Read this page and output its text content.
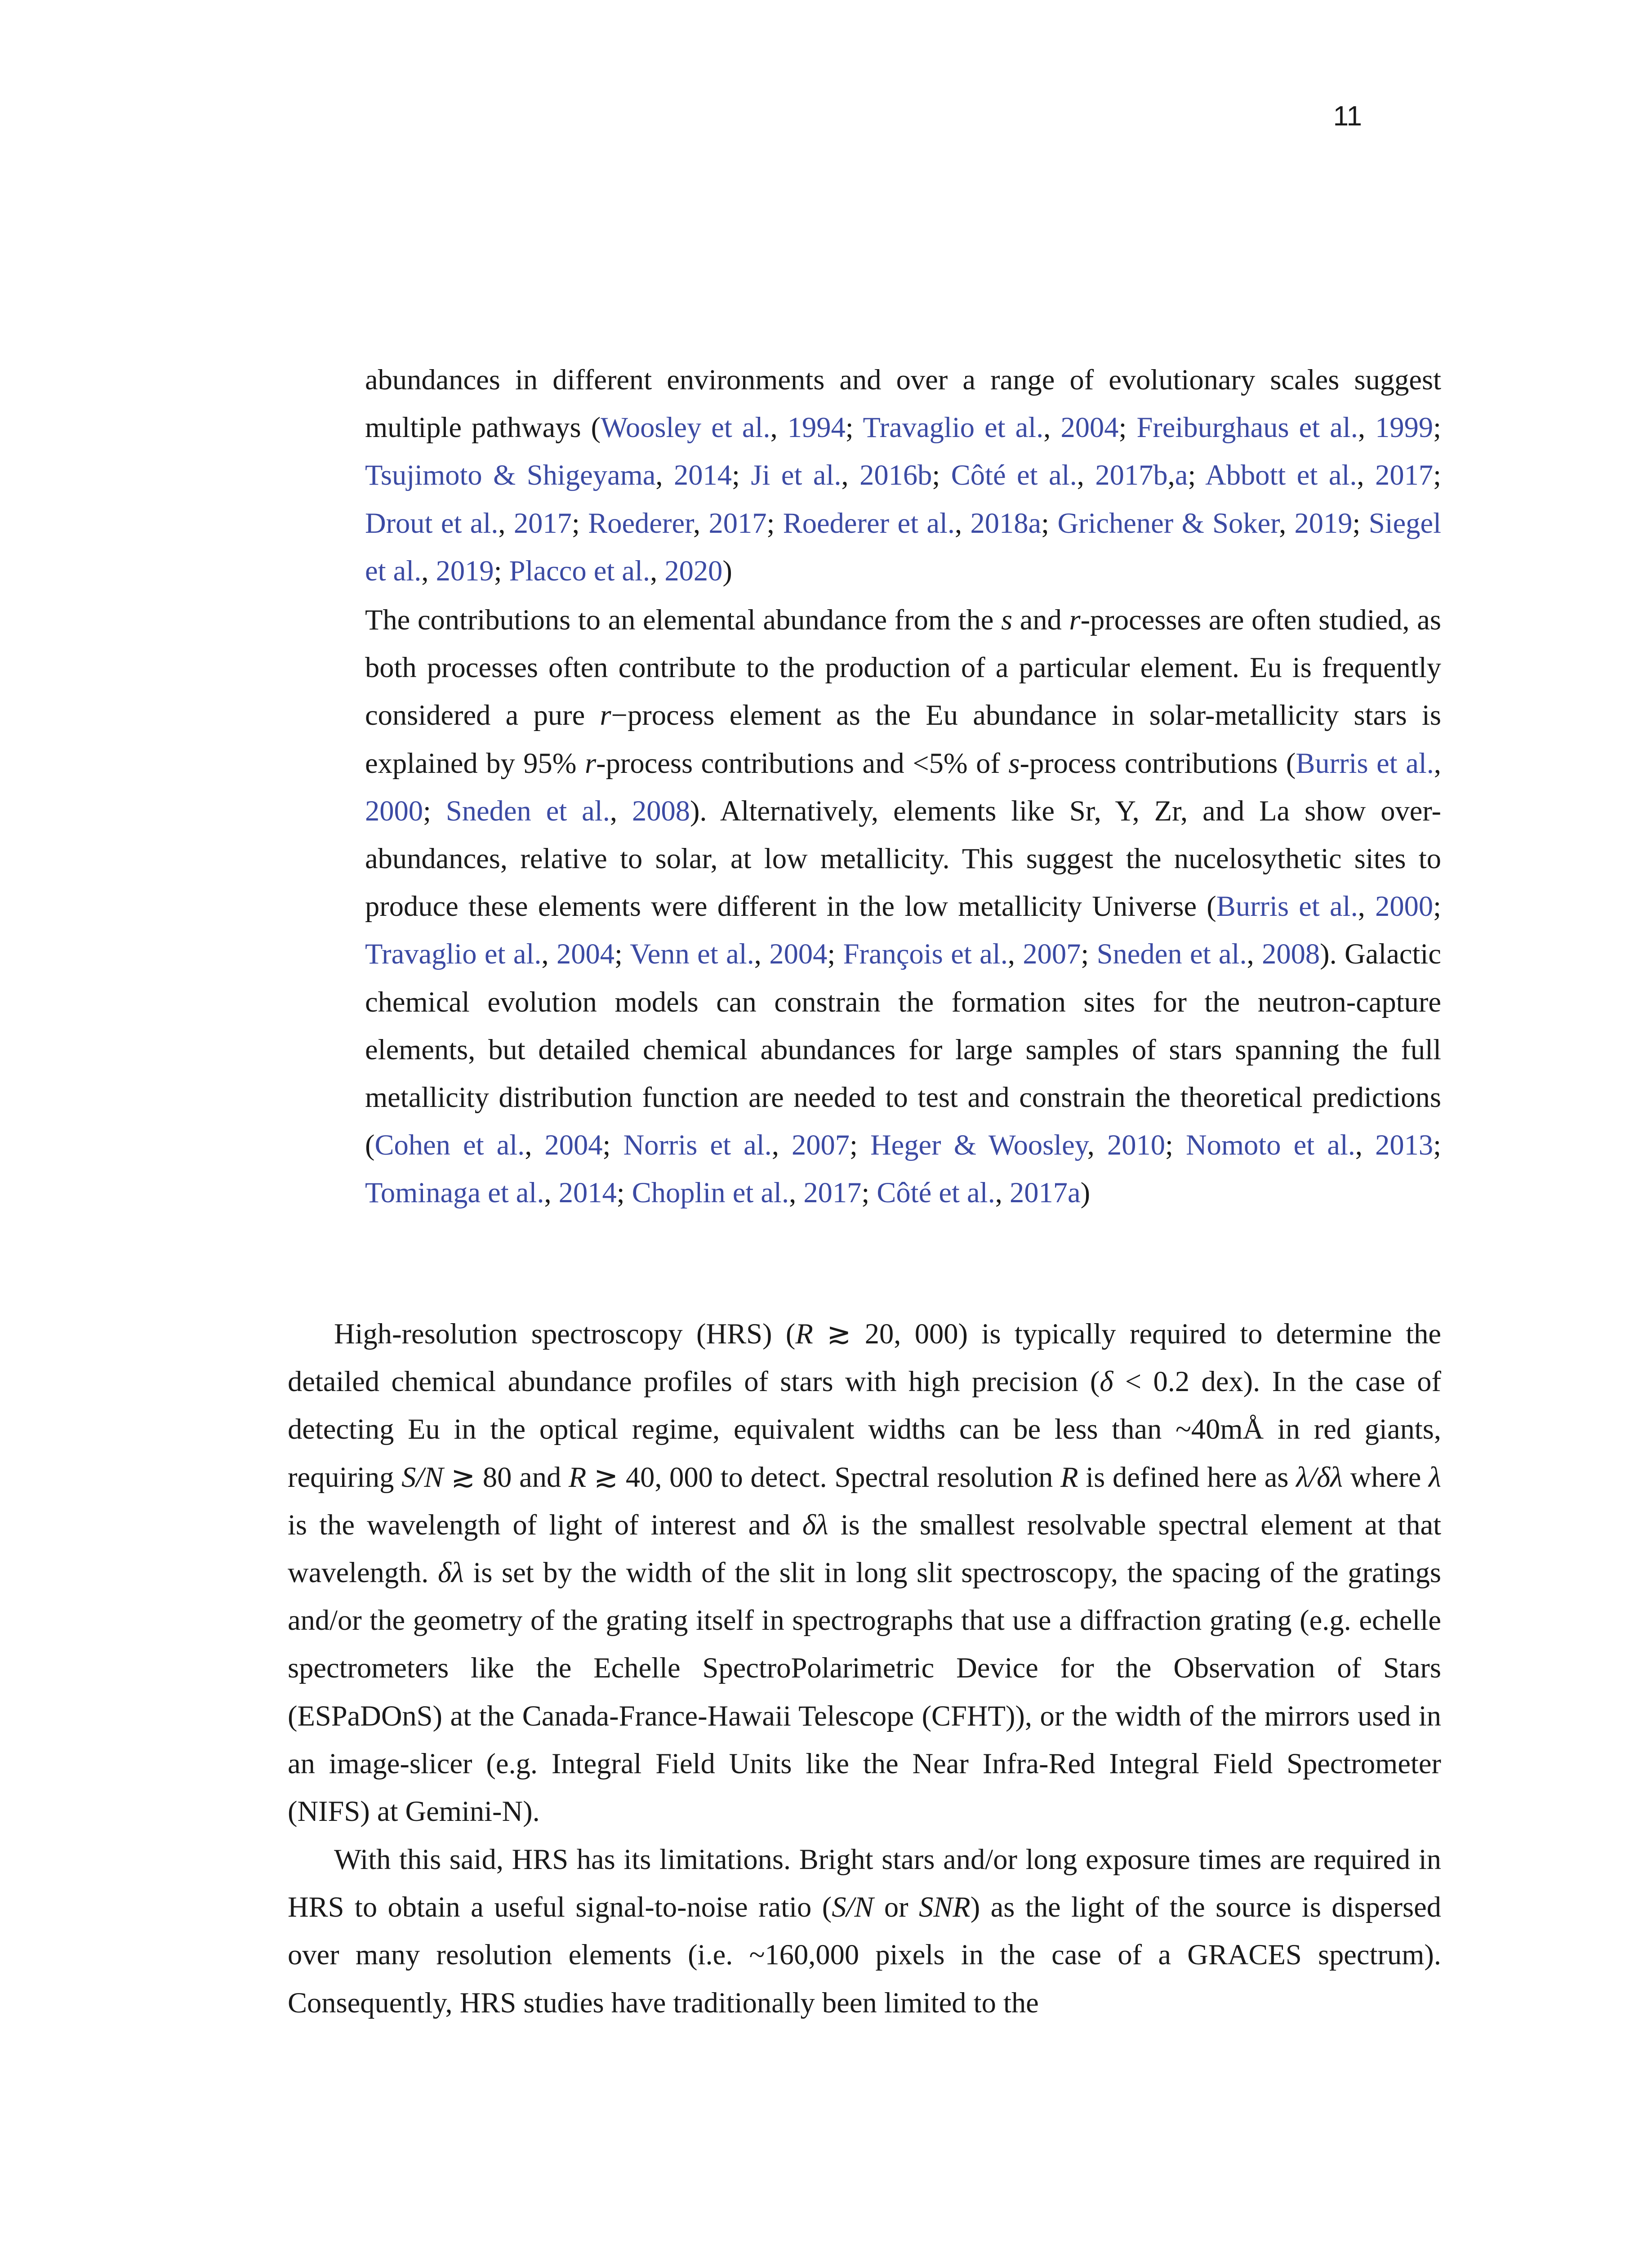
11
abundances in different environments and over a range of evolutionary scales suggest multiple pathways (Woosley et al., 1994; Travaglio et al., 2004; Freiburghaus et al., 1999; Tsujimoto & Shigeyama, 2014; Ji et al., 2016b; Côté et al., 2017b,a; Abbott et al., 2017; Drout et al., 2017; Roederer, 2017; Roederer et al., 2018a; Grichener & Soker, 2019; Siegel et al., 2019; Placco et al., 2020)
The contributions to an elemental abundance from the s and r-processes are often studied, as both processes often contribute to the production of a particular element. Eu is frequently considered a pure r−process element as the Eu abundance in solar-metallicity stars is explained by 95% r-process contributions and <5% of s-process contributions (Burris et al., 2000; Sneden et al., 2008). Alternatively, elements like Sr, Y, Zr, and La show over-abundances, relative to solar, at low metallicity. This suggest the nucelosythetic sites to produce these elements were different in the low metallicity Universe (Burris et al., 2000; Travaglio et al., 2004; Venn et al., 2004; François et al., 2007; Sneden et al., 2008). Galactic chemical evolution models can constrain the formation sites for the neutron-capture elements, but detailed chemical abundances for large samples of stars spanning the full metallicity distribution function are needed to test and constrain the theoretical predictions (Cohen et al., 2004; Norris et al., 2007; Heger & Woosley, 2010; Nomoto et al., 2013; Tominaga et al., 2014; Choplin et al., 2017; Côté et al., 2017a)
High-resolution spectroscopy (HRS) (R ≳ 20, 000) is typically required to determine the detailed chemical abundance profiles of stars with high precision (δ < 0.2 dex). In the case of detecting Eu in the optical regime, equivalent widths can be less than ~40mÅ in red giants, requiring S/N ≳ 80 and R ≳ 40, 000 to detect. Spectral resolution R is defined here as λ/δλ where λ is the wavelength of light of interest and δλ is the smallest resolvable spectral element at that wavelength. δλ is set by the width of the slit in long slit spectroscopy, the spacing of the gratings and/or the geometry of the grating itself in spectrographs that use a diffraction grating (e.g. echelle spectrometers like the Echelle SpectroPolarimetric Device for the Observation of Stars (ESPaDOnS) at the Canada-France-Hawaii Telescope (CFHT)), or the width of the mirrors used in an image-slicer (e.g. Integral Field Units like the Near Infra-Red Integral Field Spectrometer (NIFS) at Gemini-N).
With this said, HRS has its limitations. Bright stars and/or long exposure times are required in HRS to obtain a useful signal-to-noise ratio (S/N or SNR) as the light of the source is dispersed over many resolution elements (i.e. ~160,000 pixels in the case of a GRACES spectrum). Consequently, HRS studies have traditionally been limited to the
